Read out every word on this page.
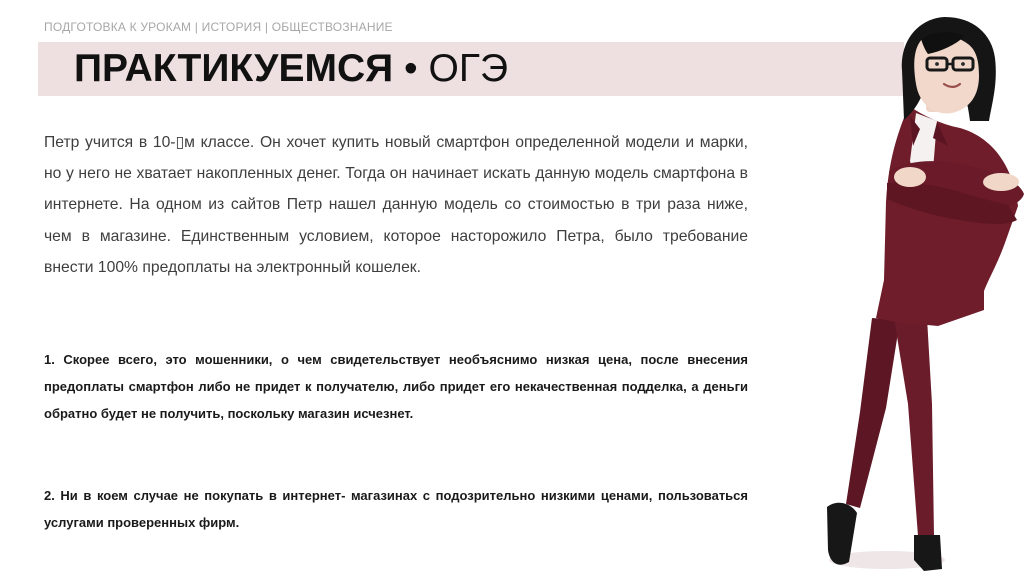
ПОДГОТОВКА К УРОКАМ | ИСТОРИЯ | ОБЩЕСТВОЗНАНИЕ
ПРАКТИКУЕМСЯ • ОГЭ
Петр учится в 10-▯м классе. Он хочет купить новый смартфон определенной модели и марки, но у него не хватает накопленных денег. Тогда он начинает искать данную модель смартфона в интернете. На одном из сайтов Петр нашел данную модель со стоимостью в три раза ниже, чем в магазине. Единственным условием, которое насторожило Петра, было требование внести 100% предоплаты на электронный кошелек.
1. Скорее всего, это мошенники, о чем свидетельствует необъяснимо низкая цена, после внесения предоплаты смартфон либо не придет к получателю, либо придет его некачественная подделка, а деньги обратно будет не получить, поскольку магазин исчезнет.
2. Ни в коем случае не покупать в интернет- магазинах с подозрительно низкими ценами, пользоваться услугами проверенных фирм.
